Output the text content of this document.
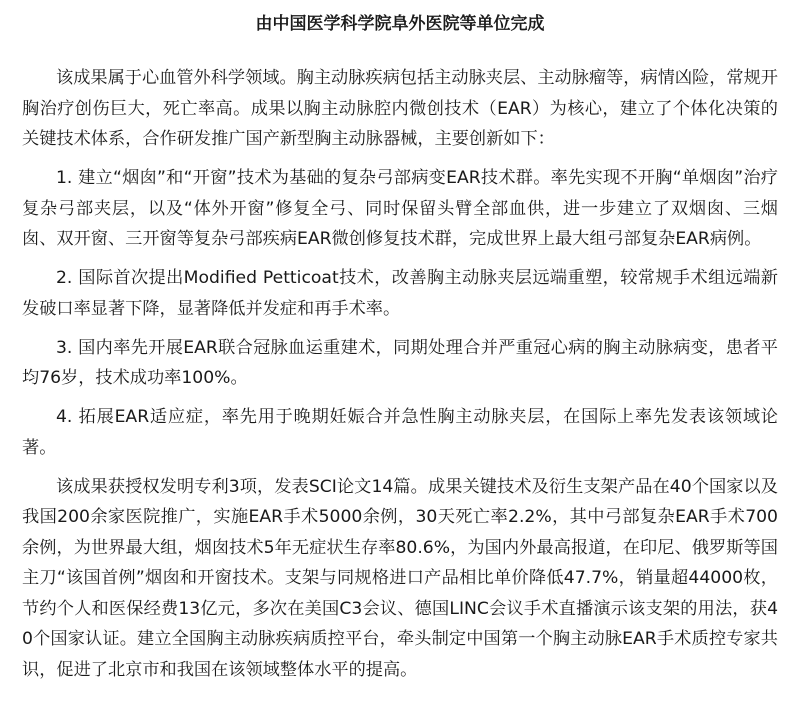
由中国医学科学院阜外医院等单位完成

该成果属于心血管外科学领域。胸主动脉疾病包括主动脉夹层、主动脉瘤等，病情凶险，常规开胸治疗创伤巨大，死亡率高。成果以胸主动脉腔内微创技术（EAR）为核心，建立了个体化决策的关键技术体系，合作研发推广国产新型胸主动脉器械，主要创新如下：

1. 建立“烟囱”和“开窗”技术为基础的复杂弓部病变EAR技术群。率先实现不开胸“单烟囱”治疗复杂弓部夹层，以及“体外开窗”修复全弓、同时保留头臂全部血供，进一步建立了双烟囱、三烟囱、双开窗、三开窗等复杂弓部疾病EAR微创修复技术群，完成世界上最大组弓部复杂EAR病例。

2. 国际首次提出Modified Petticoat技术，改善胸主动脉夹层远端重塑，较常规手术组远端新发破口率显著下降，显著降低并发症和再手术率。

3. 国内率先开展EAR联合冠脉血运重建术，同期处理合并严重冠心病的胸主动脉病变，患者平均76岁，技术成功率100%。

4. 拓展EAR适应症，率先用于晚期妊娠合并急性胸主动脉夹层，在国际上率先发表该领域论著。

该成果获授权发明专利3项，发表SCI论文14篇。成果关键技术及衍生支架产品在40个国家以及我国200余家医院推广，实施EAR手术5000余例，30天死亡率2.2%，其中弓部复杂EAR手术700余例，为世界最大组，烟囱技术5年无症状生存率80.6%，为国内外最高报道，在印尼、俄罗斯等国主刀“该国首例”烟囱和开窗技术。支架与同规格进口产品相比单价降低47.7%，销量超44000枚，节约个人和医保经费13亿元，多次在美国C3会议、德国LINC会议手术直播演示该支架的用法，获40个国家认证。建立全国胸主动脉疾病质控平台，牵头制定中国第一个胸主动脉EAR手术质控专家共识，促进了北京市和我国在该领域整体水平的提高。
